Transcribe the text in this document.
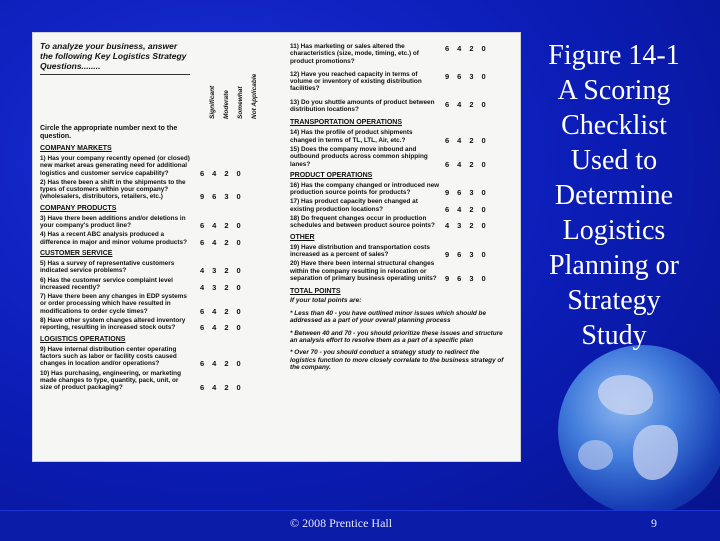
To analyze your business, answer the following Key Logistics Strategy Questions........
Significant Moderate Somewhat Not Applicable
Circle the appropriate number next to the question.
COMPANY MARKETS
1) Has your company recently opened (or closed) new market areas generating need for additional logistics and customer service capability?	6 4 2 0
2) Has there been a shift in the shipments to the types of customers within your company? (wholesalers, distributors, retailers, etc.)	9 6 3 0
COMPANY PRODUCTS
3) Have there been additions and/or deletions in your company's product line?	6 4 2 0
4) Has a recent ABC analysis produced a difference in major and minor volume products? 6 4 2 0
CUSTOMER SERVICE
5) Has a survey of representative customers indicated service problems?	4 3 2 0
6) Has the customer service complaint level increased recently?	4 3 2 0
7) Have there been any changes in EDP systems or order processing which have resulted in modifications to order cycle times?	6 4 2 0
8) Have other system changes altered inventory reporting, resulting in increased stock outs?	6 4 2 0
LOGISTICS OPERATIONS
9) Have internal distribution center operating factors such as labor or facility costs caused changes in location and/or operations?	6 4 2 0
10) Has purchasing, engineering, or marketing made changes to type, quantity, pack, unit, or size of product packaging?	6 4 2 0
11) Has marketing or sales altered the characteristics (size, mode, timing, etc.) of product promotions?
6 4 2 0
12) Have you reached capacity in terms of volume or inventory of existing distribution facilities?
9 6 3 0
13) Do you shuttle amounts of product between distribution locations?
6 4 2 0
TRANSPORTATION OPERATIONS
14) Has the profile of product shipments changed in terms of TL, LTL, Air, etc.?	6 4 2 0
15) Does the company move inbound and outbound products across common shipping lanes?	6 4 2 0
PRODUCT OPERATIONS
16) Has the company changed or introduced new production source points for products?	9 6 3 0
17) Has product capacity been changed at existing production locations?	6 4 2 0
18) Do frequent changes occur in production schedules and between product source points? 4 3 2 0
OTHER
19) Have distribution and transportation costs increased as a percent of sales?	9 6 3 0
20) Have there been internal structural changes within the company resulting in relocation or separation of primary business operating units? 9 6 3 0
TOTAL POINTS
If your total points are:
* Less than 40 - you have outlined minor issues which should be addressed as a part of your overall planning process
* Between 40 and 70 - you should prioritize these issues and structure an analysis effort to resolve them as a part of a specific plan
* Over 70 - you should conduct a strategy study to redirect the logistics function to more closely correlate to the business strategy of the company.
Figure 14-1
A Scoring
Checklist
Used to
Determine
Logistics
Planning or
Strategy
Study
© 2008 Prentice Hall	9
